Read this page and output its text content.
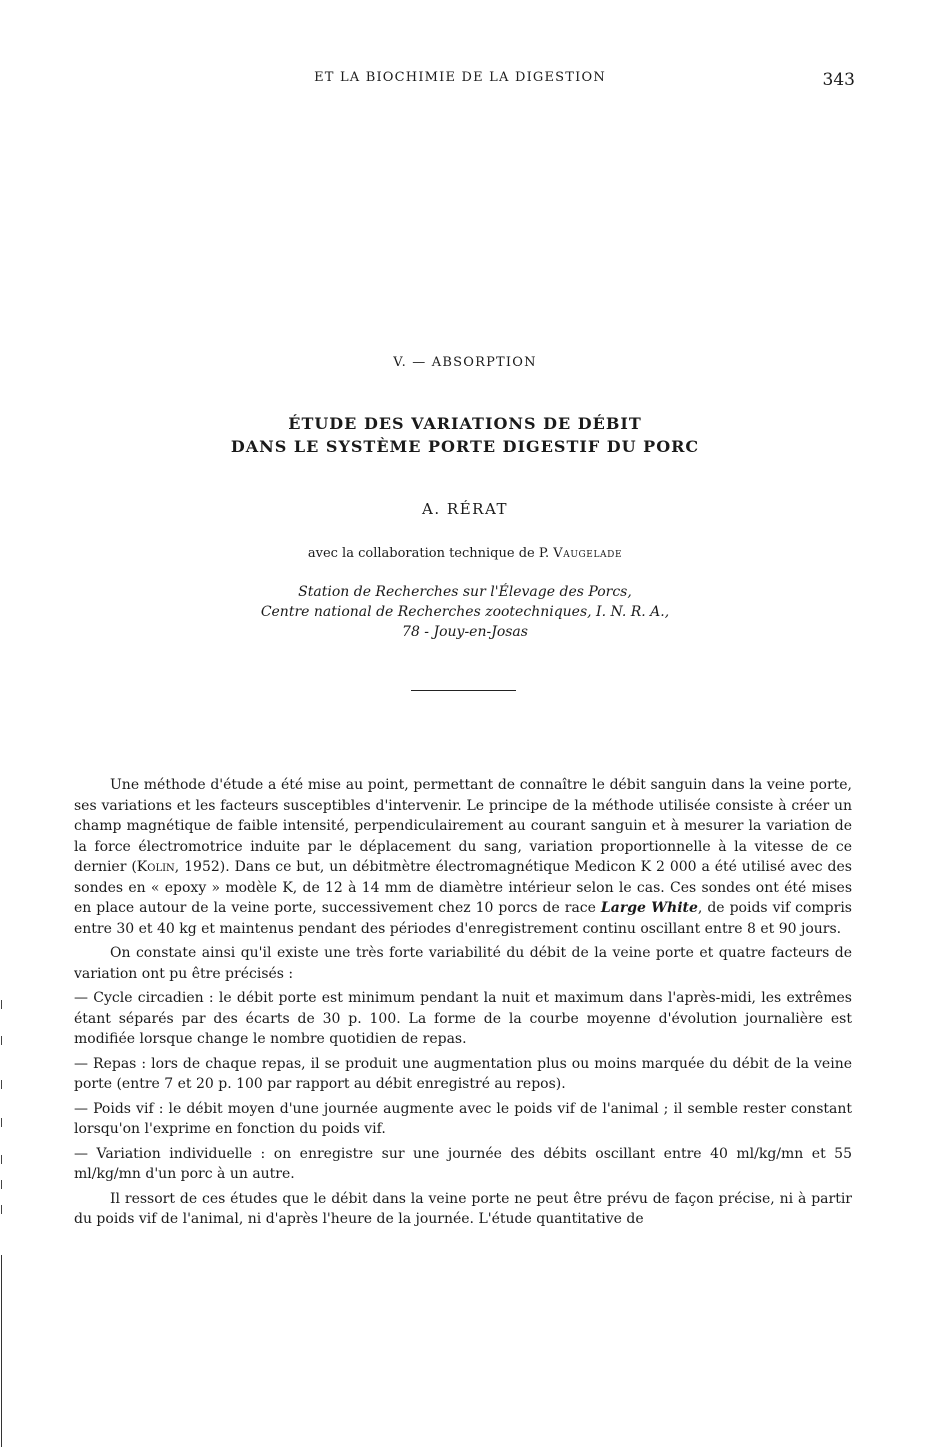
ET LA BIOCHIMIE DE LA DIGESTION	343
V. — ABSORPTION
ÉTUDE DES VARIATIONS DE DÉBIT
DANS LE SYSTÈME PORTE DIGESTIF DU PORC
A. RÉRAT
avec la collaboration technique de P. Vaugelade
Station de Recherches sur l'Élevage des Porcs,
Centre national de Recherches zootechniques, I. N. R. A.,
78 - Jouy-en-Josas

Une méthode d'étude a été mise au point, permettant de connaître le débit sanguin dans la veine porte, ses variations et les facteurs susceptibles d'intervenir. Le principe de la méthode utilisée consiste à créer un champ magnétique de faible intensité, perpendiculairement au courant sanguin et à mesurer la variation de la force électromotrice induite par le déplacement du sang, variation proportionnelle à la vitesse de ce dernier (Kolin, 1952). Dans ce but, un débitmètre électromagnétique Medicon K 2 000 a été utilisé avec des sondes en « epoxy » modèle K, de 12 à 14 mm de diamètre intérieur selon le cas. Ces sondes ont été mises en place autour de la veine porte, successivement chez 10 porcs de race Large White, de poids vif compris entre 30 et 40 kg et maintenus pendant des périodes d'enregistrement continu oscillant entre 8 et 90 jours.

On constate ainsi qu'il existe une très forte variabilité du débit de la veine porte et quatre facteurs de variation ont pu être précisés :

— Cycle circadien : le débit porte est minimum pendant la nuit et maximum dans l'après-midi, les extrêmes étant séparés par des écarts de 30 p. 100. La forme de la courbe moyenne d'évolution journalière est modifiée lorsque change le nombre quotidien de repas.

— Repas : lors de chaque repas, il se produit une augmentation plus ou moins marquée du débit de la veine porte (entre 7 et 20 p. 100 par rapport au débit enregistré au repos).

— Poids vif : le débit moyen d'une journée augmente avec le poids vif de l'animal ; il semble rester constant lorsqu'on l'exprime en fonction du poids vif.

— Variation individuelle : on enregistre sur une journée des débits oscillant entre 40 ml/kg/mn et 55 ml/kg/mn d'un porc à un autre.

Il ressort de ces études que le débit dans la veine porte ne peut être prévu de façon précise, ni à partir du poids vif de l'animal, ni d'après l'heure de la journée. L'étude quantitative de
